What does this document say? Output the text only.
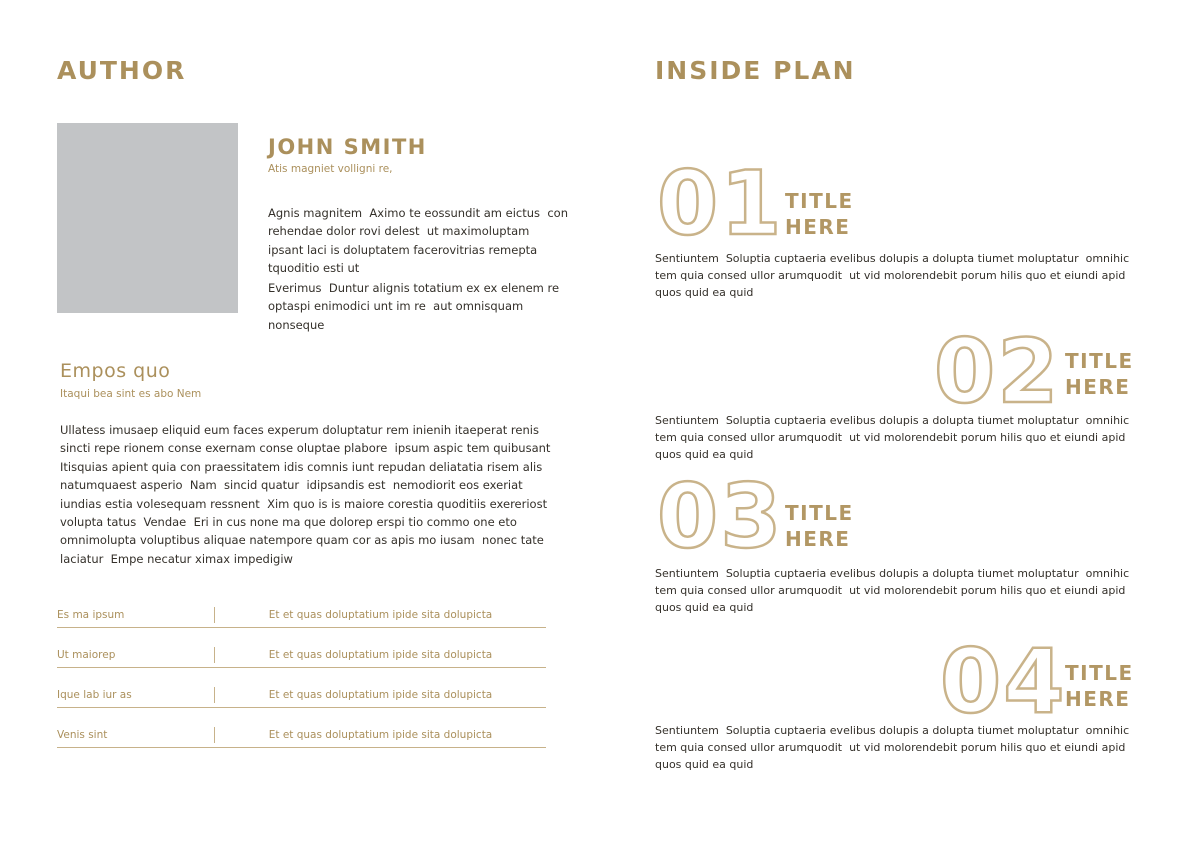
AUTHOR
JOHN SMITH
Atis magniet volligni re,
Agnis magnitem  Aximo te eossundit am eictus  con rehendae dolor rovi delest  ut maximoluptam ipsant laci is doluptatem facerovitrias remepta tquoditio esti ut
Everimus  Duntur alignis totatium ex ex elenem re optaspi enimodici unt im re  aut omnisquam nonseque
Empos quo
Itaqui bea sint es abo Nem
Ullatess imusaep eliquid eum faces experum doluptatur rem inienih itaeperat renis sincti repe rionem conse exernam conse oluptae plabore  ipsum aspic tem quibusant  Itisquias apient quia con praessitatem idis comnis iunt repudan deliatatia risem alis natumquaest asperio  Nam  sincid quatur  idipsandis est  nemodiorit eos exeriat iundias estia volesequam ressnent  Xim quo is is maiore corestia quoditiis exereriost volupta tatus  Vendae  Eri in cus none ma que dolorep erspi tio commo one eto omnimolupta voluptibus aliquae natempore quam cor as apis mo iusam  nonec tate laciatur  Empe necatur ximax impedigiw
Es ma ipsum	Et et quas doluptatium ipide sita dolupicta
Ut maiorep	Et et quas doluptatium ipide sita dolupicta
Ique lab iur as	Et et quas doluptatium ipide sita dolupicta
Venis sint	Et et quas doluptatium ipide sita dolupicta
INSIDE PLAN
01 TITLE
HERE
Sentiuntem  Soluptia cuptaeria evelibus dolupis a dolupta tiumet moluptatur  omnihic tem quia consed ullor arumquodit  ut vid molorendebit porum hilis quo et eiundi apid quos quid ea quid
02 TITLE
HERE
Sentiuntem  Soluptia cuptaeria evelibus dolupis a dolupta tiumet moluptatur  omnihic tem quia consed ullor arumquodit  ut vid molorendebit porum hilis quo et eiundi apid quos quid ea quid
03 TITLE
HERE
Sentiuntem  Soluptia cuptaeria evelibus dolupis a dolupta tiumet moluptatur  omnihic tem quia consed ullor arumquodit  ut vid molorendebit porum hilis quo et eiundi apid quos quid ea quid
04
TITLE
HERE
Sentiuntem  Soluptia cuptaeria evelibus dolupis a dolupta tiumet moluptatur  omnihic tem quia consed ullor arumquodit  ut vid molorendebit porum hilis quo et eiundi apid quos quid ea quid
